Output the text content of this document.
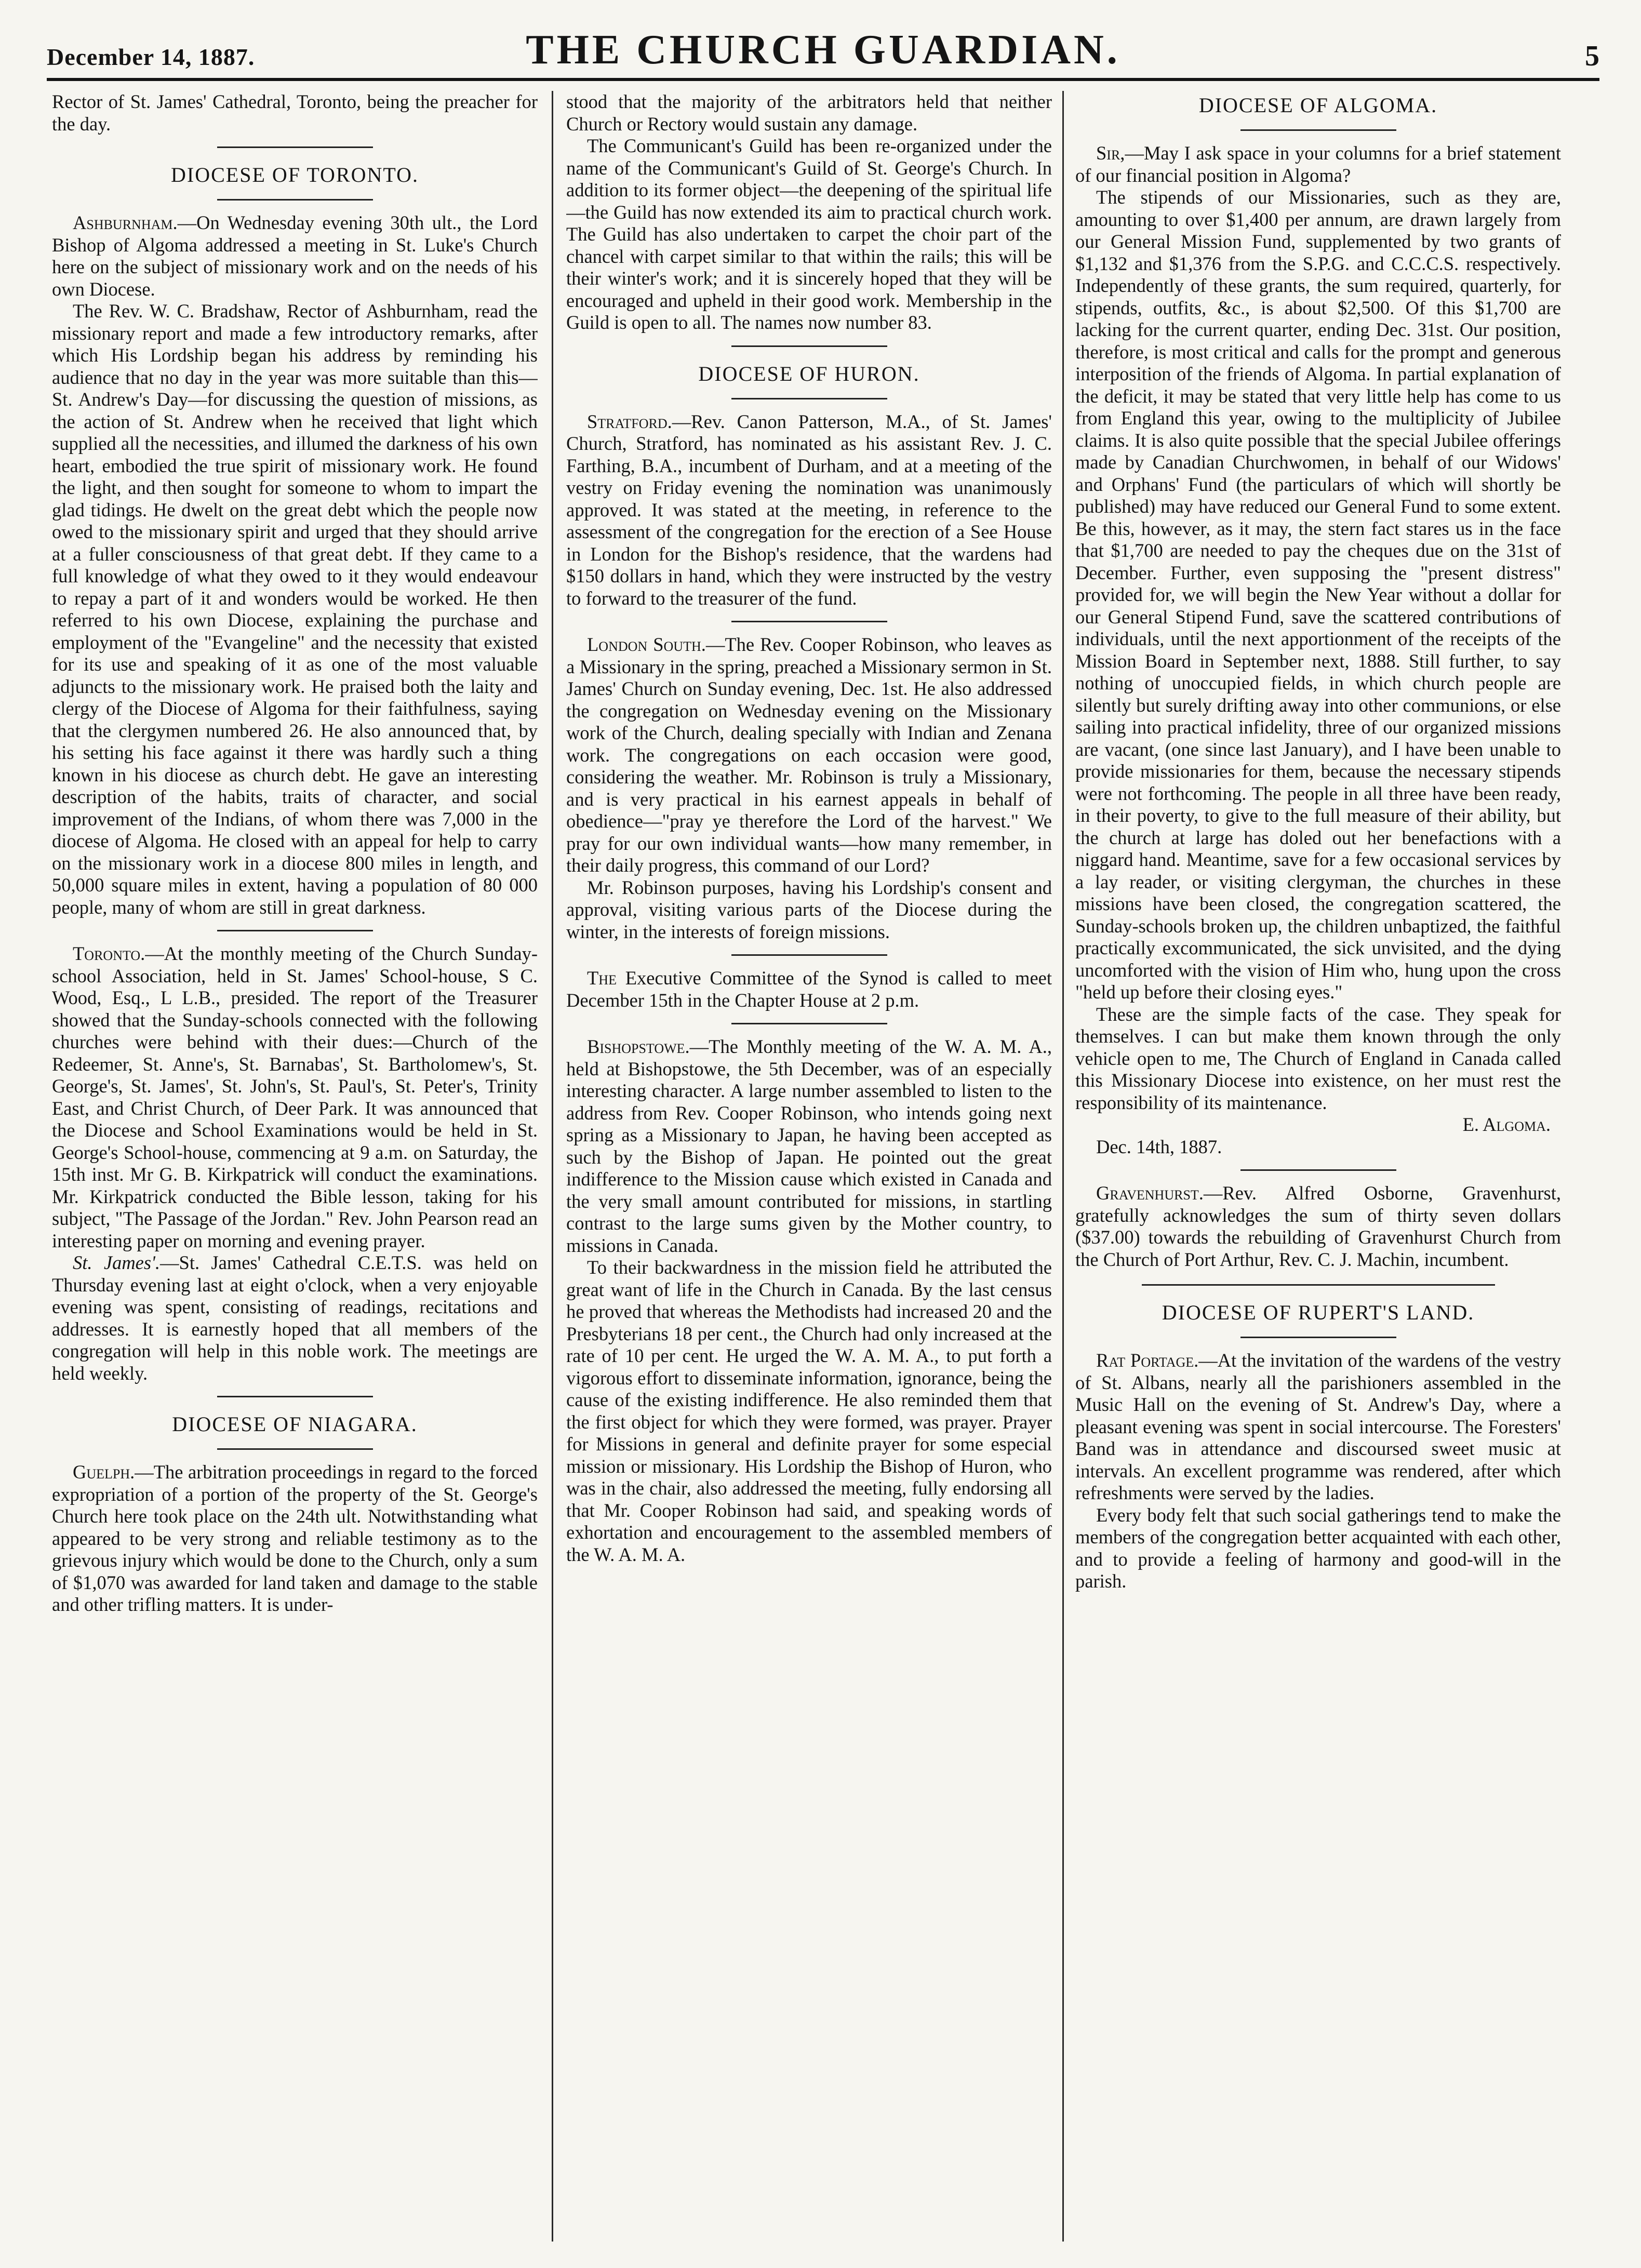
December 14, 1887.	THE CHURCH GUARDIAN.	5

Rector of St. James' Cathedral, Toronto, being the preacher for the day.

DIOCESE OF TORONTO.

Ashburnham.—On Wednesday evening 30th ult., the Lord Bishop of Algoma addressed a meeting in St. Luke's Church here on the subject of missionary work and on the needs of his own Diocese.

The Rev. W. C. Bradshaw, Rector of Ashburnham, read the missionary report and made a few introductory remarks, after which His Lordship began his address by reminding his audience that no day in the year was more suitable than this—St. Andrew's Day—for discussing the question of missions, as the action of St. Andrew when he received that light which supplied all the necessities, and illumed the darkness of his own heart, embodied the true spirit of missionary work. He found the light, and then sought for someone to whom to impart the glad tidings. He dwelt on the great debt which the people now owed to the missionary spirit and urged that they should arrive at a fuller consciousness of that great debt. If they came to a full knowledge of what they owed to it they would endeavour to repay a part of it and wonders would be worked. He then referred to his own Diocese, explaining the purchase and employment of the "Evangeline" and the necessity that existed for its use and speaking of it as one of the most valuable adjuncts to the missionary work. He praised both the laity and clergy of the Diocese of Algoma for their faithfulness, saying that the clergymen numbered 26. He also announced that, by his setting his face against it there was hardly such a thing known in his diocese as church debt. He gave an interesting description of the habits, traits of character, and social improvement of the Indians, of whom there was 7,000 in the diocese of Algoma. He closed with an appeal for help to carry on the missionary work in a diocese 800 miles in length, and 50,000 square miles in extent, having a population of 80 000 people, many of whom are still in great darkness.

Toronto.—At the monthly meeting of the Church Sunday-school Association, held in St. James' School-house, S C. Wood, Esq., L L.B., presided. The report of the Treasurer showed that the Sunday-schools connected with the following churches were behind with their dues:—Church of the Redeemer, St. Anne's, St. Barnabas', St. Bartholomew's, St. George's, St. James', St. John's, St. Paul's, St. Peter's, Trinity East, and Christ Church, of Deer Park. It was announced that the Diocese and School Examinations would be held in St. George's School-house, commencing at 9 a.m. on Saturday, the 15th inst. Mr G. B. Kirkpatrick will conduct the examinations. Mr. Kirkpatrick conducted the Bible lesson, taking for his subject, "The Passage of the Jordan." Rev. John Pearson read an interesting paper on morning and evening prayer.

St. James'.—St. James' Cathedral C.E.T.S. was held on Thursday evening last at eight o'clock, when a very enjoyable evening was spent, consisting of readings, recitations and addresses. It is earnestly hoped that all members of the congregation will help in this noble work. The meetings are held weekly.

DIOCESE OF NIAGARA.

Guelph.—The arbitration proceedings in regard to the forced expropriation of a portion of the property of the St. George's Church here took place on the 24th ult. Notwithstanding what appeared to be very strong and reliable testimony as to the grievous injury which would be done to the Church, only a sum of $1,070 was awarded for land taken and damage to the stable and other trifling matters. It is under-

stood that the majority of the arbitrators held that neither Church or Rectory would sustain any damage.

The Communicant's Guild has been re-organized under the name of the Communicant's Guild of St. George's Church. In addition to its former object—the deepening of the spiritual life—the Guild has now extended its aim to practical church work. The Guild has also undertaken to carpet the choir part of the chancel with carpet similar to that within the rails; this will be their winter's work; and it is sincerely hoped that they will be encouraged and upheld in their good work. Membership in the Guild is open to all. The names now number 83.

DIOCESE OF HURON.

Stratford.—Rev. Canon Patterson, M.A., of St. James' Church, Stratford, has nominated as his assistant Rev. J. C. Farthing, B.A., incumbent of Durham, and at a meeting of the vestry on Friday evening the nomination was unanimously approved. It was stated at the meeting, in reference to the assessment of the congregation for the erection of a See House in London for the Bishop's residence, that the wardens had $150 dollars in hand, which they were instructed by the vestry to forward to the treasurer of the fund.

London South.—The Rev. Cooper Robinson, who leaves as a Missionary in the spring, preached a Missionary sermon in St. James' Church on Sunday evening, Dec. 1st. He also addressed the congregation on Wednesday evening on the Missionary work of the Church, dealing specially with Indian and Zenana work. The congregations on each occasion were good, considering the weather. Mr. Robinson is truly a Missionary, and is very practical in his earnest appeals in behalf of obedience—"pray ye therefore the Lord of the harvest." We pray for our own individual wants—how many remember, in their daily progress, this command of our Lord?

Mr. Robinson purposes, having his Lordship's consent and approval, visiting various parts of the Diocese during the winter, in the interests of foreign missions.

The Executive Committee of the Synod is called to meet December 15th in the Chapter House at 2 p.m.

Bishopstowe.—The Monthly meeting of the W. A. M. A., held at Bishopstowe, the 5th December, was of an especially interesting character. A large number assembled to listen to the address from Rev. Cooper Robinson, who intends going next spring as a Missionary to Japan, he having been accepted as such by the Bishop of Japan. He pointed out the great indifference to the Mission cause which existed in Canada and the very small amount contributed for missions, in startling contrast to the large sums given by the Mother country, to missions in Canada.

To their backwardness in the mission field he attributed the great want of life in the Church in Canada. By the last census he proved that whereas the Methodists had increased 20 and the Presbyterians 18 per cent., the Church had only increased at the rate of 10 per cent. He urged the W. A. M. A., to put forth a vigorous effort to disseminate information, ignorance, being the cause of the existing indifference. He also reminded them that the first object for which they were formed, was prayer. Prayer for Missions in general and definite prayer for some especial mission or missionary. His Lordship the Bishop of Huron, who was in the chair, also addressed the meeting, fully endorsing all that Mr. Cooper Robinson had said, and speaking words of exhortation and encouragement to the assembled members of the W. A. M. A.

DIOCESE OF ALGOMA.

Sir,—May I ask space in your columns for a brief statement of our financial position in Algoma?

The stipends of our Missionaries, such as they are, amounting to over $1,400 per annum, are drawn largely from our General Mission Fund, supplemented by two grants of $1,132 and $1,376 from the S.P.G. and C.C.C.S. respectively. Independently of these grants, the sum required, quarterly, for stipends, outfits, &c., is about $2,500. Of this $1,700 are lacking for the current quarter, ending Dec. 31st. Our position, therefore, is most critical and calls for the prompt and generous interposition of the friends of Algoma. In partial explanation of the deficit, it may be stated that very little help has come to us from England this year, owing to the multiplicity of Jubilee claims. It is also quite possible that the special Jubilee offerings made by Canadian Churchwomen, in behalf of our Widows' and Orphans' Fund (the particulars of which will shortly be published) may have reduced our General Fund to some extent. Be this, however, as it may, the stern fact stares us in the face that $1,700 are needed to pay the cheques due on the 31st of December. Further, even supposing the "present distress" provided for, we will begin the New Year without a dollar for our General Stipend Fund, save the scattered contributions of individuals, until the next apportionment of the receipts of the Mission Board in September next, 1888. Still further, to say nothing of unoccupied fields, in which church people are silently but surely drifting away into other communions, or else sailing into practical infidelity, three of our organized missions are vacant, (one since last January), and I have been unable to provide missionaries for them, because the necessary stipends were not forthcoming. The people in all three have been ready, in their poverty, to give to the full measure of their ability, but the church at large has doled out her benefactions with a niggard hand. Meantime, save for a few occasional services by a lay reader, or visiting clergyman, the churches in these missions have been closed, the congregation scattered, the Sunday-schools broken up, the children unbaptized, the faithful practically excommunicated, the sick unvisited, and the dying uncomforted with the vision of Him who, hung upon the cross "held up before their closing eyes."

These are the simple facts of the case. They speak for themselves. I can but make them known through the only vehicle open to me, The Church of England in Canada called this Missionary Diocese into existence, on her must rest the responsibility of its maintenance.

E. Algoma.

Dec. 14th, 1887.

Gravenhurst.—Rev. Alfred Osborne, Gravenhurst, gratefully acknowledges the sum of thirty seven dollars ($37.00) towards the rebuilding of Gravenhurst Church from the Church of Port Arthur, Rev. C. J. Machin, incumbent.

DIOCESE OF RUPERT'S LAND.

Rat Portage.—At the invitation of the wardens of the vestry of St. Albans, nearly all the parishioners assembled in the Music Hall on the evening of St. Andrew's Day, where a pleasant evening was spent in social intercourse. The Foresters' Band was in attendance and discoursed sweet music at intervals. An excellent programme was rendered, after which refreshments were served by the ladies.

Every body felt that such social gatherings tend to make the members of the congregation better acquainted with each other, and to provide a feeling of harmony and good-will in the parish.
